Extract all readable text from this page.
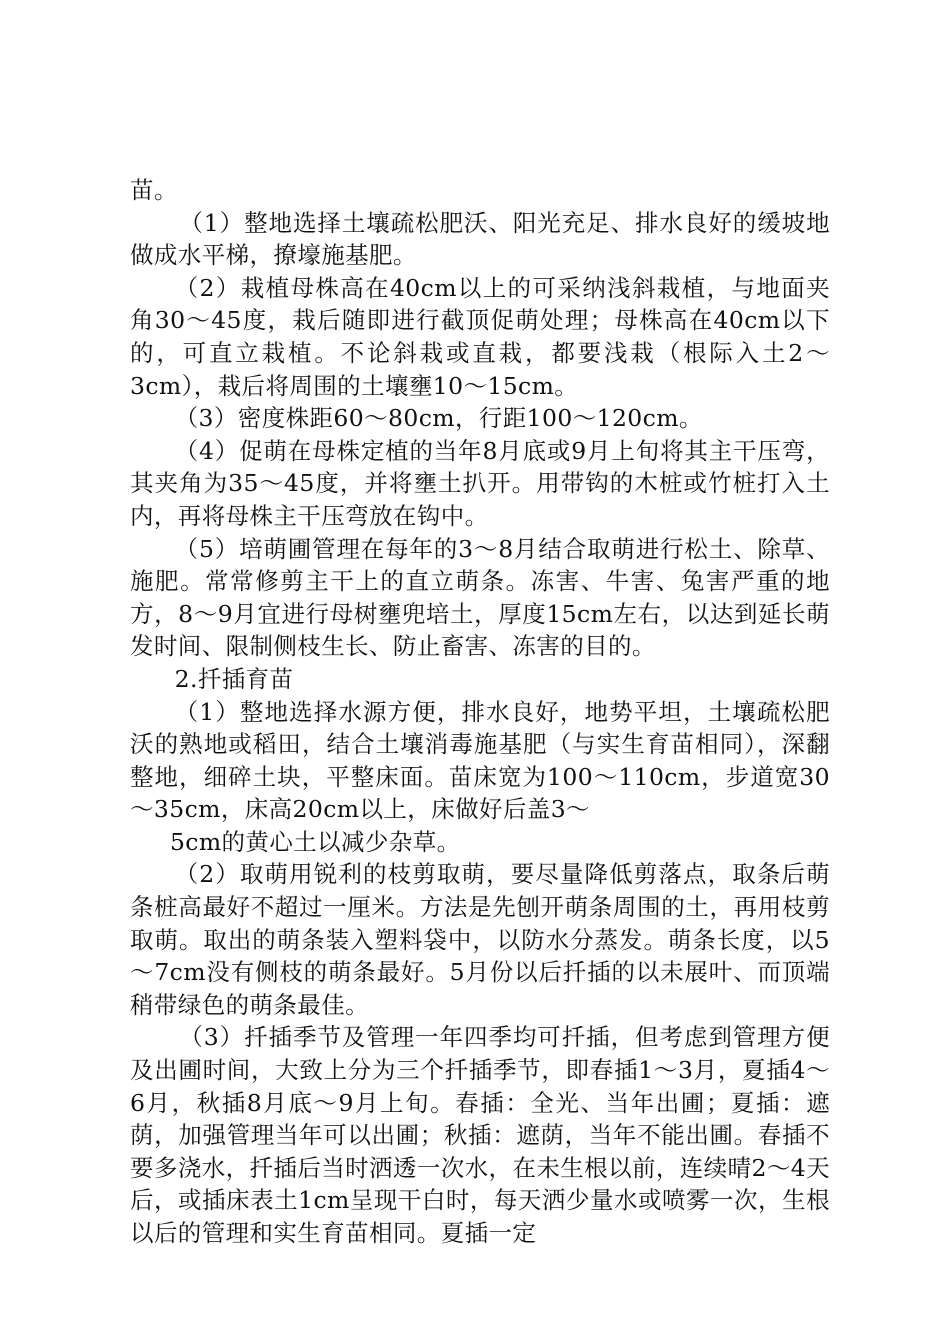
苗。

（1）整地选择土壤疏松肥沃、阳光充足、排水良好的缓坡地做成水平梯，撩壕施基肥。

（2）栽植母株高在40cm以上的可采纳浅斜栽植，与地面夹角30～45度，栽后随即进行截顶促萌处理；母株高在40cm以下的，可直立栽植。不论斜栽或直栽，都要浅栽（根际入土2～3cm），栽后将周围的土壤壅10～15cm。

（3）密度株距60～80cm，行距100～120cm。

（4）促萌在母株定植的当年8月底或9月上旬将其主干压弯，其夹角为35～45度，并将壅土扒开。用带钩的木桩或竹桩打入土内，再将母株主干压弯放在钩中。

（5）培萌圃管理在每年的3～8月结合取萌进行松土、除草、施肥。常常修剪主干上的直立萌条。冻害、牛害、兔害严重的地方，8～9月宜进行母树壅兜培土，厚度15cm左右，以达到延长萌发时间、限制侧枝生长、防止畜害、冻害的目的。

2.扦插育苗

（1）整地选择水源方便，排水良好，地势平坦，土壤疏松肥沃的熟地或稻田，结合土壤消毒施基肥（与实生育苗相同），深翻整地，细碎土块，平整床面。苗床宽为100～110cm，步道宽30～35cm，床高20cm以上，床做好后盖3～

5cm的黄心土以减少杂草。

（2）取萌用锐利的枝剪取萌，要尽量降低剪落点，取条后萌条桩高最好不超过一厘米。方法是先刨开萌条周围的土，再用枝剪取萌。取出的萌条装入塑料袋中，以防水分蒸发。萌条长度，以5～7cm没有侧枝的萌条最好。5月份以后扦插的以未展叶、而顶端稍带绿色的萌条最佳。

（3）扦插季节及管理一年四季均可扦插，但考虑到管理方便及出圃时间，大致上分为三个扦插季节，即春插1～3月，夏插4～6月，秋插8月底～9月上旬。春插：全光、当年出圃；夏插：遮荫，加强管理当年可以出圃；秋插：遮荫，当年不能出圃。春插不要多浇水，扦插后当时洒透一次水，在未生根以前，连续晴2～4天后，或插床表土1cm呈现干白时，每天洒少量水或喷雾一次，生根以后的管理和实生育苗相同。夏插一定
